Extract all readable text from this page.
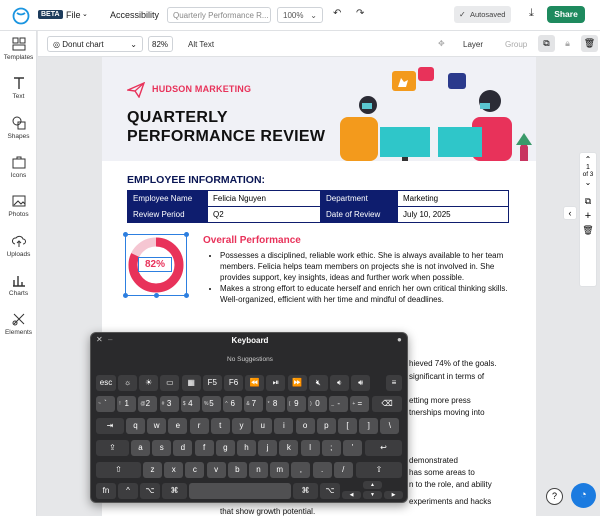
BETA File ⌄ Accessibility	Quarterly Performance R...	100% ⌄ ↶ ↷	✓ Autosaved	⤓	Share
Templates
Text
Shapes
Icons
Photos
Uploads
Charts
Elements
◎ Donut chart	⌄	82%	Alt Text	✥ Layer	Group	⧉	🔒︎	🗑︎
HUDSON MARKETING
QUARTERLY
PERFORMANCE REVIEW
EMPLOYEE INFORMATION:
Employee Name	Felicia Nguyen	Department	Marketing
Review Period	Q2	Date of Review	July 10, 2025
82%
Overall Performance
• Possesses a disciplined, reliable work ethic. She is always available to her team members. Felicia helps team members on projects she is not involved in. She provides support, key insights, ideas and further work when possible.
• Makes a strong effort to educate herself and enrich her own critical thinking skills. Well-organized, efficient with her time and mindful of deadlines.
hieved 74% of the goals.
significant in terms of
etting more press
tnerships moving into
demonstrated
has some areas to
n to the role, and ability
experiments and hacks
that show growth potential.
‹
⌃
1
of 3
⌄
⧉
+
🗑︎
?	◔
✕ –	Keyboard	●
No Suggestions
esc	☼	☀	▭	▦	F5	F6	⏪	⏯	⏩	🔇︎	🔉︎	🔊︎	≡
~ `	! 1	@ 2	# 3	$ 4	% 5	^ 6	& 7	* 8	( 9	) 0	_ -	+ =	⌫
⇥	q	w	e	r	t	y	u	i	o	p	[	]	\
⇪	a	s	d	f	g	h	j	k	l	;	'	↩
⇧	z	x	c	v	b	n	m	,	.	/	⇧
fn	^	⌥	⌘	⌘	⌥	◀
▲
▼	▶
